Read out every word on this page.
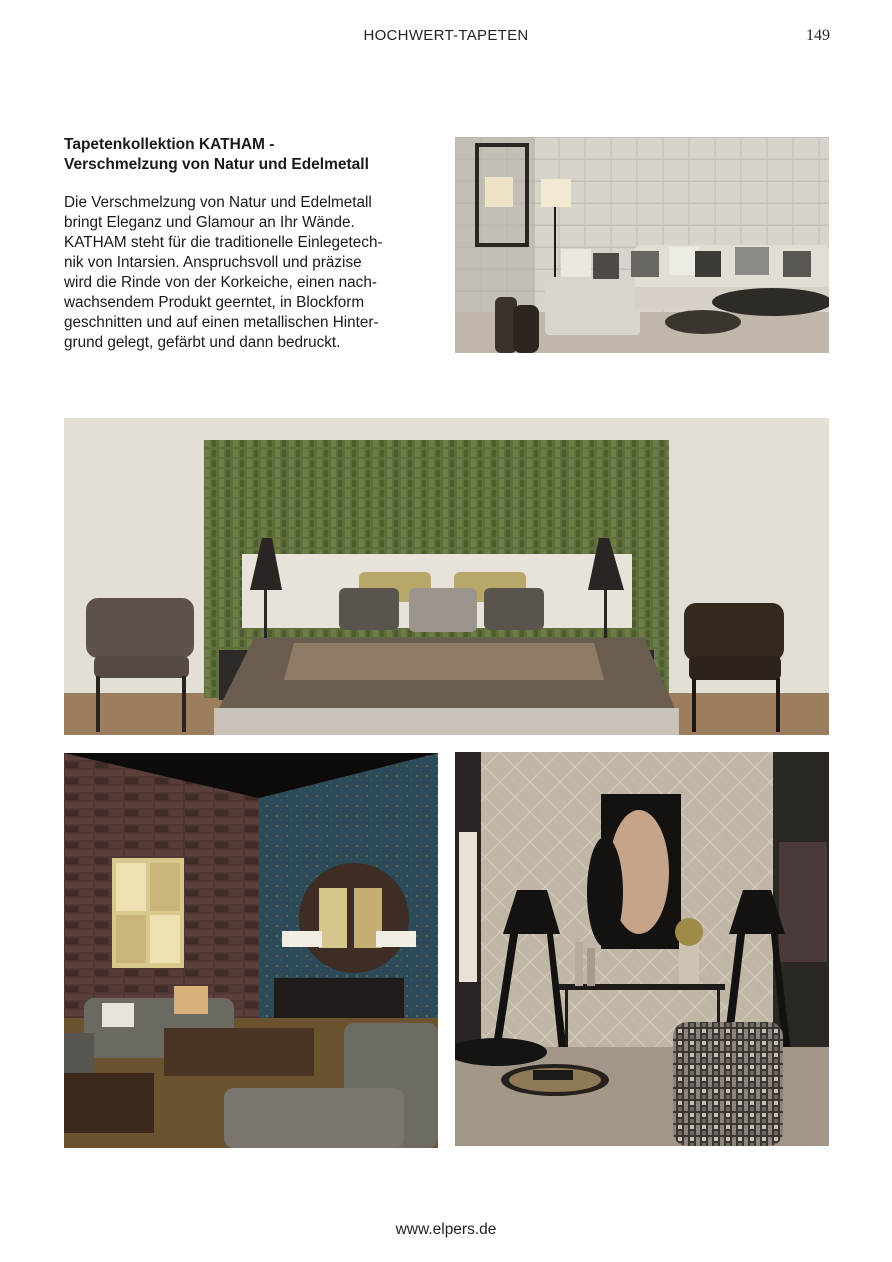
HOCHWERT-TAPETEN	149
Tapetenkollektion KATHAM -
Verschmelzung von Natur und Edelmetall
Die Verschmelzung von Natur und Edelmetall
bringt Eleganz und Glamour an Ihr Wände.
KATHAM steht für die traditionelle Einlegetech-
nik von Intarsien. Anspruchsvoll und präzise
wird die Rinde von der Korkeiche, einen nach-
wachsendem Produkt geerntet, in Blockform
geschnitten und auf einen metallischen Hinter-
grund gelegt, gefärbt und dann bedruckt.
www.elpers.de
